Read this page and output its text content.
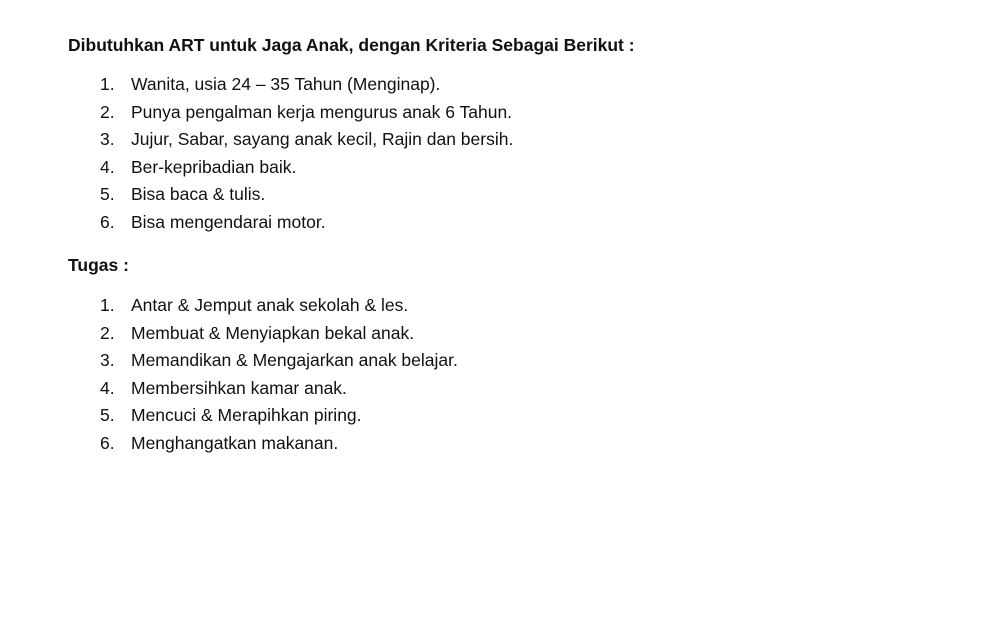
Dibutuhkan ART untuk Jaga Anak, dengan Kriteria Sebagai Berikut :
1. Wanita, usia 24 – 35 Tahun (Menginap).
2. Punya pengalman kerja mengurus anak 6 Tahun.
3. Jujur, Sabar, sayang anak kecil, Rajin dan bersih.
4. Ber-kepribadian baik.
5. Bisa baca & tulis.
6. Bisa mengendarai motor.
Tugas :
1. Antar & Jemput anak sekolah & les.
2. Membuat & Menyiapkan bekal anak.
3. Memandikan & Mengajarkan anak belajar.
4. Membersihkan kamar anak.
5. Mencuci & Merapihkan piring.
6. Menghangatkan makanan.
